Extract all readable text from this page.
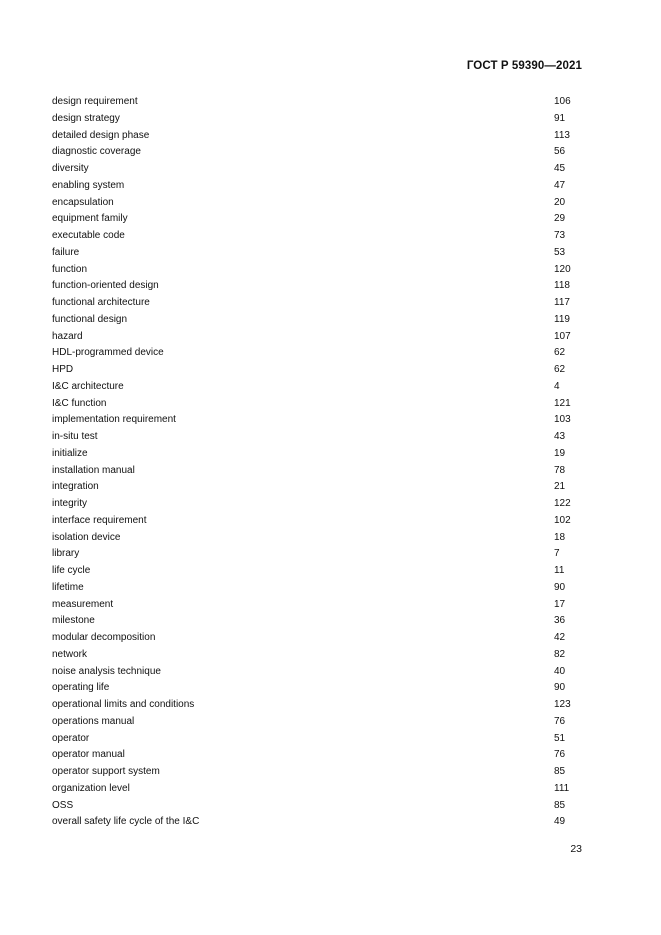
ГОСТ Р 59390—2021
design requirement	106
design strategy	91
detailed design phase	113
diagnostic coverage	56
diversity	45
enabling system	47
encapsulation	20
equipment family	29
executable code	73
failure	53
function	120
function-oriented design	118
functional architecture	117
functional design	119
hazard	107
HDL-programmed device	62
HPD	62
I&C architecture	4
I&C function	121
implementation requirement	103
in-situ test	43
initialize	19
installation manual	78
integration	21
integrity	122
interface requirement	102
isolation device	18
library	7
life cycle	11
lifetime	90
measurement	17
milestone	36
modular decomposition	42
network	82
noise analysis technique	40
operating life	90
operational limits and conditions	123
operations manual	76
operator	51
operator manual	76
operator support system	85
organization level	111
OSS	85
overall safety life cycle of the I&C	49
23
